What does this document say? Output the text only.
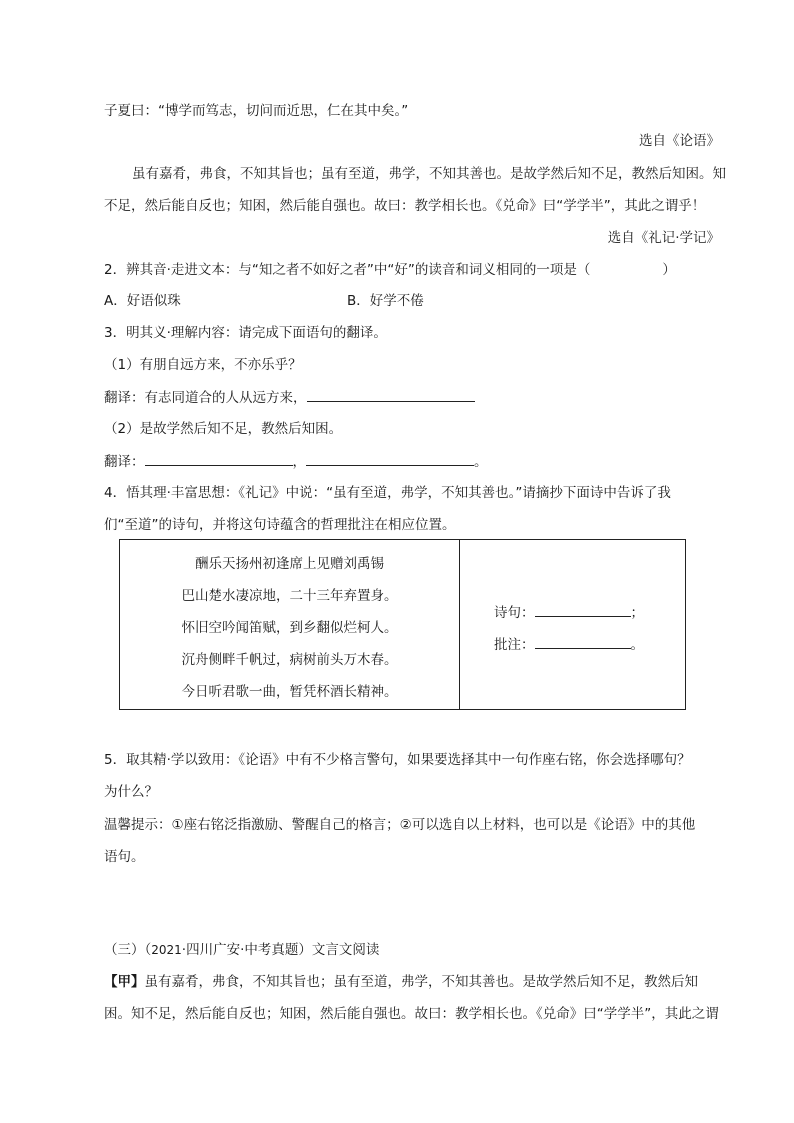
子夏曰：“博学而笃志，切问而近思，仁在其中矣。”
选自《论语》
虽有嘉肴，弗食，不知其旨也；虽有至道，弗学，不知其善也。是故学然后知不足，教然后知困。知
不足，然后能自反也；知困，然后能自强也。故曰：教学相长也。《兑命》曰“学学半”，其此之谓乎！
选自《礼记·学记》
2．辨其音·走进文本：与“知之者不如好之者”中“好”的读音和词义相同的一项是（	）
A．好语似珠	B．好学不倦
3．明其义·理解内容：请完成下面语句的翻译。
（1）有朋自远方来，不亦乐乎？
翻译：有志同道合的人从远方来，
（2）是故学然后知不足，教然后知困。
翻译：	，	。
4．悟其理·丰富思想：《礼记》中说：“虽有至道，弗学，不知其善也。”请摘抄下面诗中告诉了我
们“至道”的诗句，并将这句诗蕴含的哲理批注在相应位置。
酬乐天扬州初逢席上见赠刘禹锡
巴山楚水凄凉地，二十三年弃置身。
怀旧空吟闻笛赋，到乡翻似烂柯人。
沉舟侧畔千帆过，病树前头万木春。
今日听君歌一曲，暂凭杯酒长精神。
诗句：	；
批注：	。
5．取其精·学以致用：《论语》中有不少格言警句，如果要选择其中一句作座右铭，你会选择哪句？
为什么？
温馨提示：①座右铭泛指激励、警醒自己的格言；②可以选自以上材料，也可以是《论语》中的其他
语句。
（三）（2021·四川广安·中考真题）文言文阅读
【甲】虽有嘉肴，弗食，不知其旨也；虽有至道，弗学，不知其善也。是故学然后知不足，教然后知
困。知不足，然后能自反也；知困，然后能自强也。故曰：教学相长也。《兑命》曰“学学半”，其此之谓
